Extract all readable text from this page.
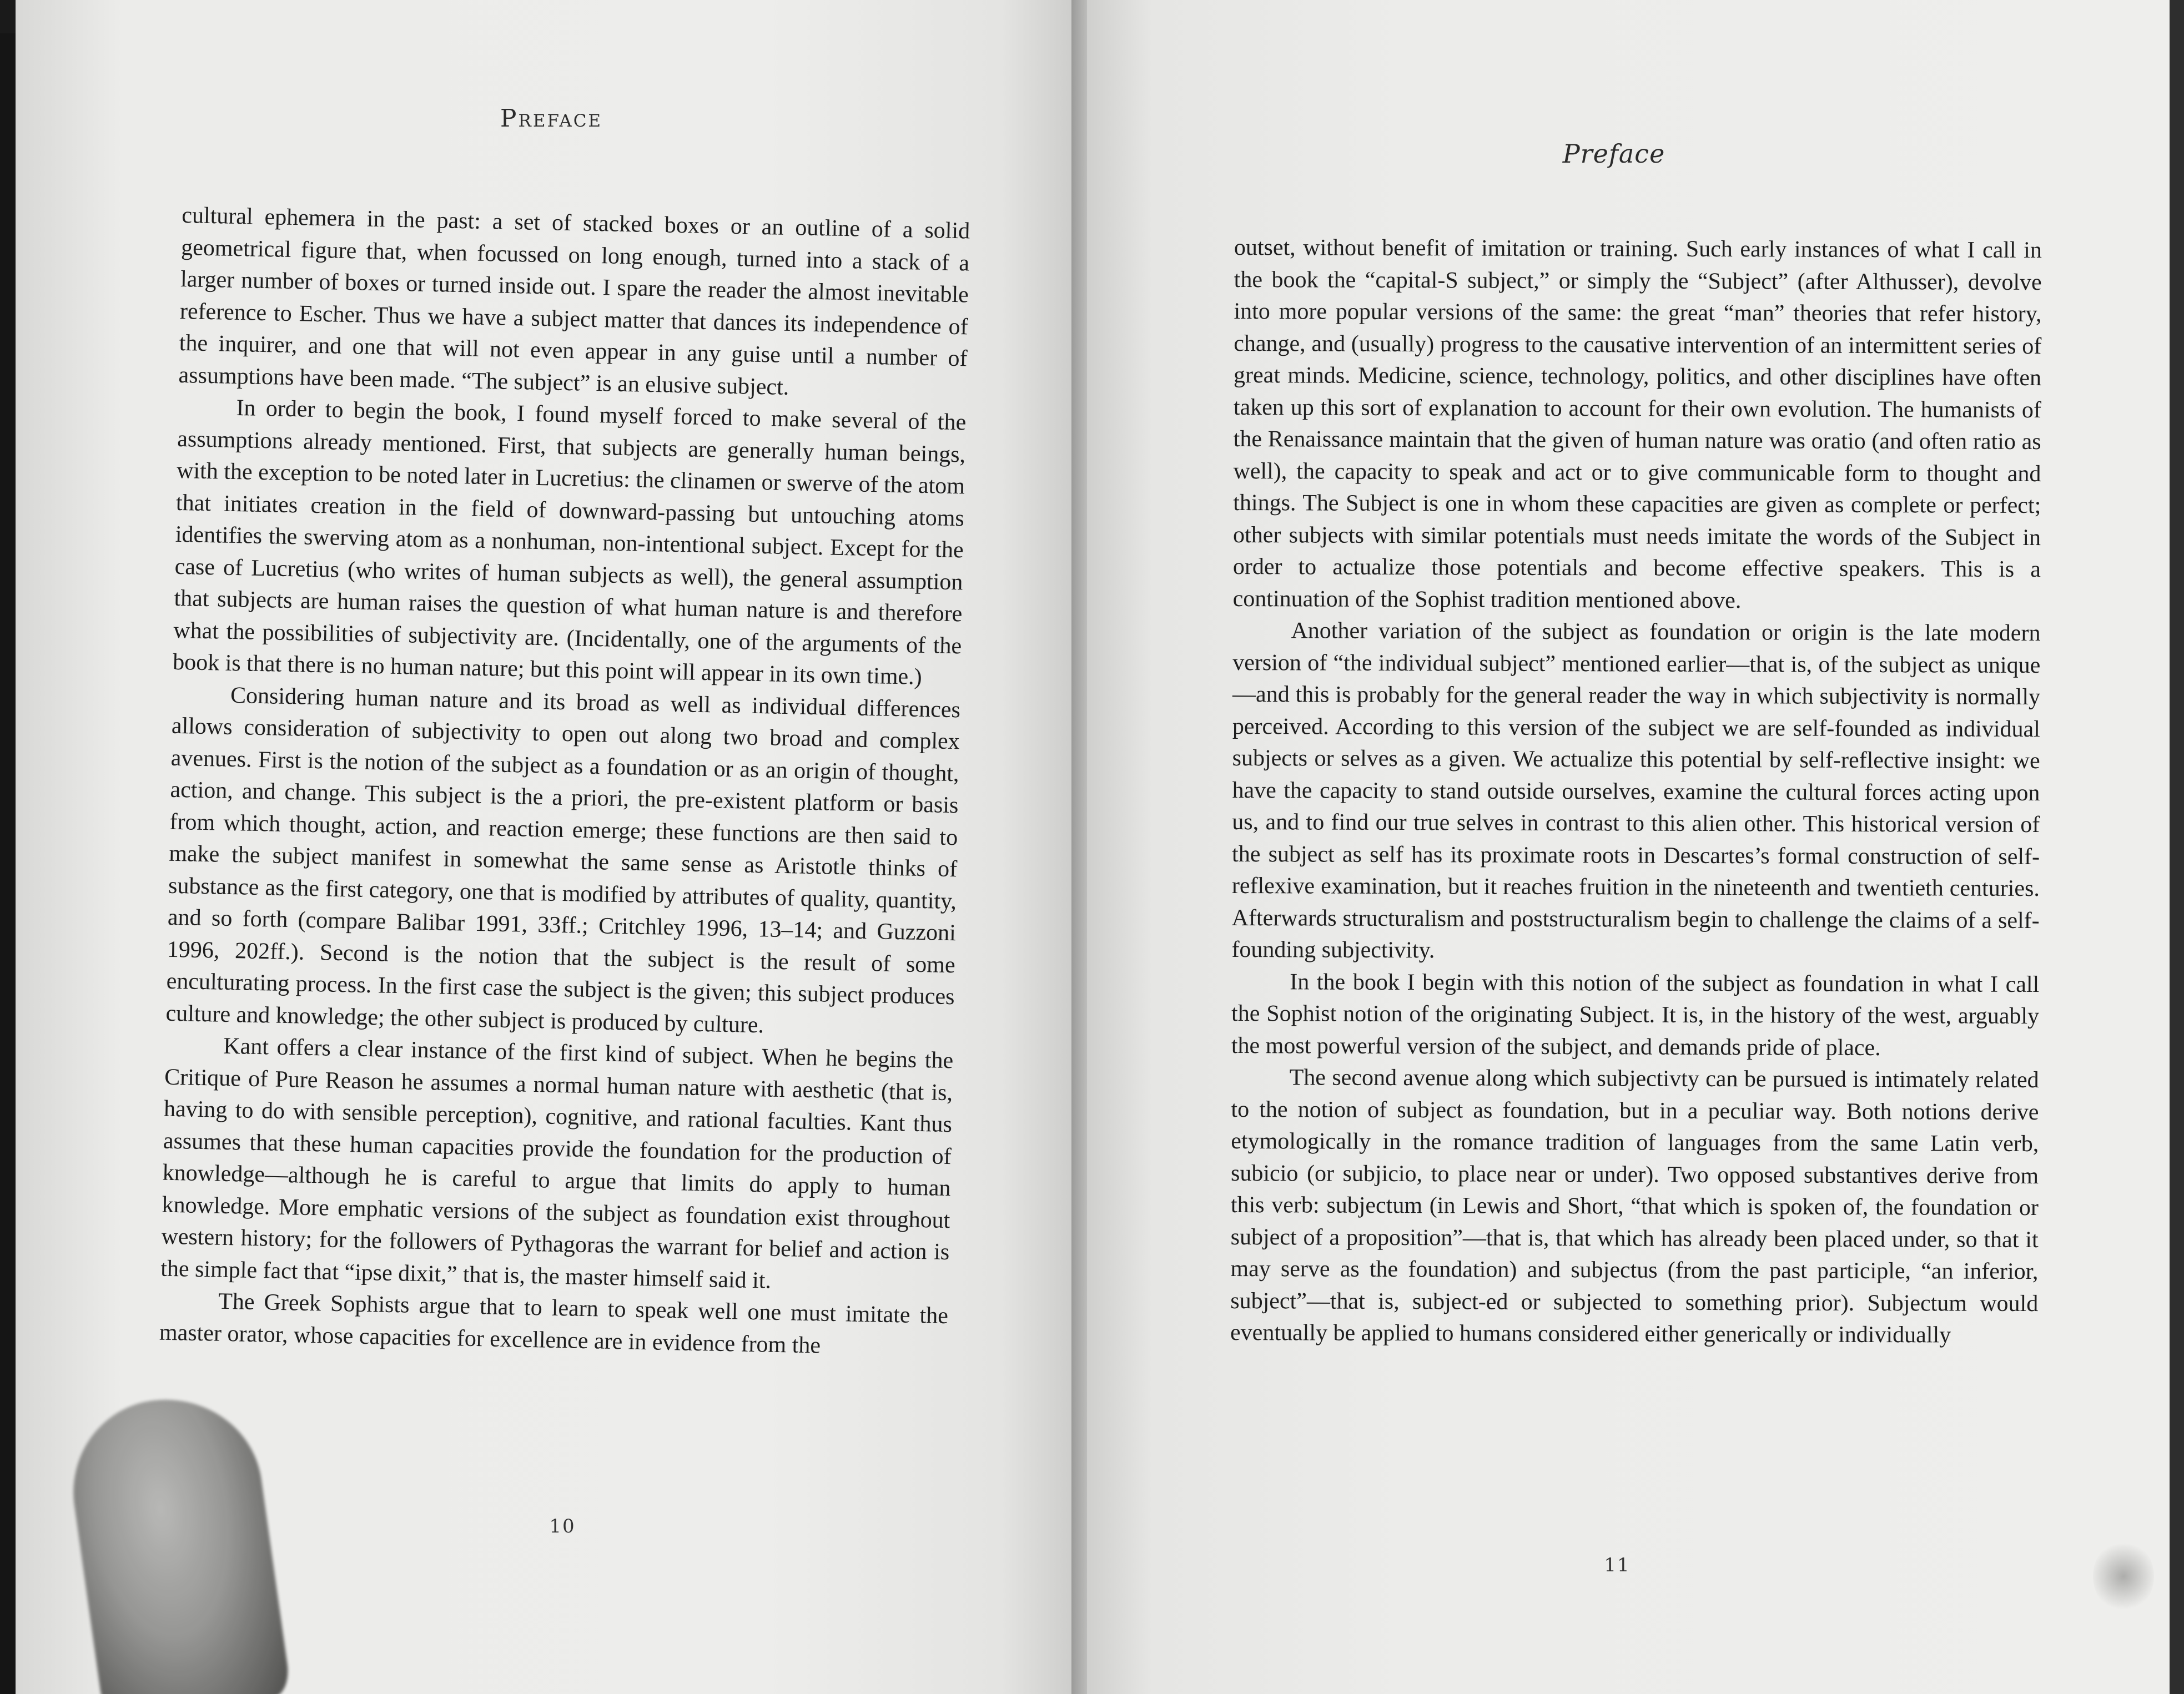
Preface

cultural ephemera in the past: a set of stacked boxes or an outline of a solid geometrical figure that, when focussed on long enough, turned into a stack of a larger number of boxes or turned inside out. I spare the reader the almost inevitable reference to Escher. Thus we have a subject matter that dances its independence of the inquirer, and one that will not even appear in any guise until a number of assumptions have been made. “The subject” is an elusive subject.

In order to begin the book, I found myself forced to make several of the assumptions already mentioned. First, that subjects are generally human beings, with the exception to be noted later in Lucretius: the clinamen or swerve of the atom that initiates creation in the field of downward-passing but untouching atoms identifies the swerving atom as a nonhuman, non-intentional subject. Except for the case of Lucretius (who writes of human subjects as well), the general assumption that subjects are human raises the question of what human nature is and therefore what the possibilities of subjectivity are. (Incidentally, one of the arguments of the book is that there is no human nature; but this point will appear in its own time.)

Considering human nature and its broad as well as individual differences allows consideration of subjectivity to open out along two broad and complex avenues. First is the notion of the subject as a foundation or as an origin of thought, action, and change. This subject is the a priori, the pre-existent platform or basis from which thought, action, and reaction emerge; these functions are then said to make the subject manifest in somewhat the same sense as Aristotle thinks of substance as the first category, one that is modified by attributes of quality, quantity, and so forth (compare Balibar 1991, 33ff.; Critchley 1996, 13–14; and Guzzoni 1996, 202ff.). Second is the notion that the subject is the result of some enculturating process. In the first case the subject is the given; this subject produces culture and knowledge; the other subject is produced by culture.

Kant offers a clear instance of the first kind of subject. When he begins the Critique of Pure Reason he assumes a normal human nature with aesthetic (that is, having to do with sensible perception), cognitive, and rational faculties. Kant thus assumes that these human capacities provide the foundation for the production of knowledge—although he is careful to argue that limits do apply to human knowledge. More emphatic versions of the subject as foundation exist throughout western history; for the followers of Pythagoras the warrant for belief and action is the simple fact that “ipse dixit,” that is, the master himself said it.

The Greek Sophists argue that to learn to speak well one must imitate the master orator, whose capacities for excellence are in evidence from the

10
Preface

outset, without benefit of imitation or training. Such early instances of what I call in the book the “capital-S subject,” or simply the “Subject” (after Althusser), devolve into more popular versions of the same: the great “man” theories that refer history, change, and (usually) progress to the causative intervention of an intermittent series of great minds. Medicine, science, technology, politics, and other disciplines have often taken up this sort of explanation to account for their own evolution. The humanists of the Renaissance maintain that the given of human nature was oratio (and often ratio as well), the capacity to speak and act or to give communicable form to thought and things. The Subject is one in whom these capacities are given as complete or perfect; other subjects with similar potentials must needs imitate the words of the Subject in order to actualize those potentials and become effective speakers. This is a continuation of the Sophist tradition mentioned above.

Another variation of the subject as foundation or origin is the late modern version of “the individual subject” mentioned earlier—that is, of the subject as unique—and this is probably for the general reader the way in which subjectivity is normally perceived. According to this version of the subject we are self-founded as individual subjects or selves as a given. We actualize this potential by self-reflective insight: we have the capacity to stand outside ourselves, examine the cultural forces acting upon us, and to find our true selves in contrast to this alien other. This historical version of the subject as self has its proximate roots in Descartes’s formal construction of self-reflexive examination, but it reaches fruition in the nineteenth and twentieth centuries. Afterwards structuralism and poststructuralism begin to challenge the claims of a self-founding subjectivity.

In the book I begin with this notion of the subject as foundation in what I call the Sophist notion of the originating Subject. It is, in the history of the west, arguably the most powerful version of the subject, and demands pride of place.

The second avenue along which subjectivty can be pursued is intimately related to the notion of subject as foundation, but in a peculiar way. Both notions derive etymologically in the romance tradition of languages from the same Latin verb, subicio (or subjicio, to place near or under). Two opposed substantives derive from this verb: subjectum (in Lewis and Short, “that which is spoken of, the foundation or subject of a proposition”—that is, that which has already been placed under, so that it may serve as the foundation) and subjectus (from the past participle, “an inferior, subject”—that is, subject-ed or subjected to something prior). Subjectum would eventually be applied to humans considered either generically or individually

11
